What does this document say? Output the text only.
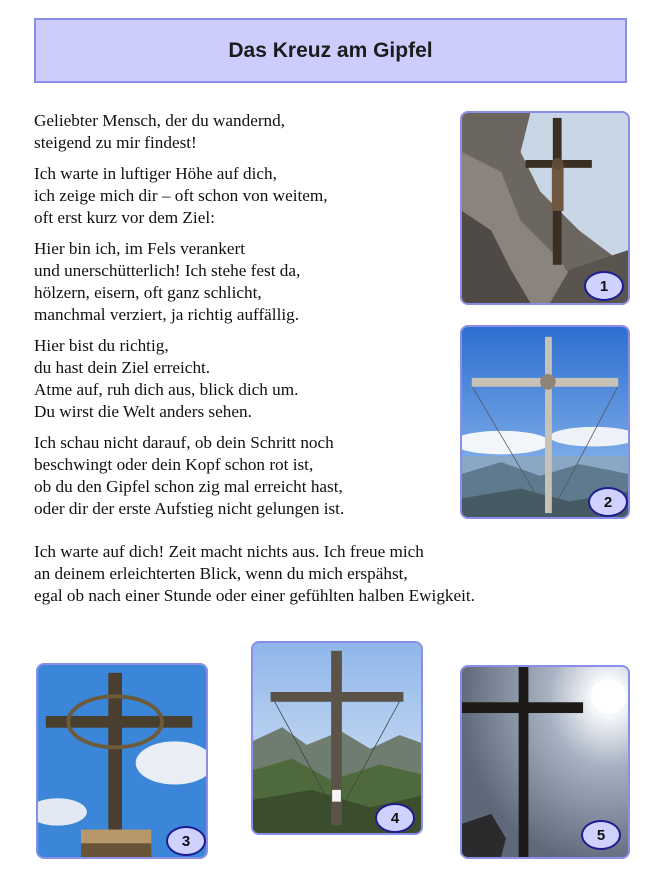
Das Kreuz am Gipfel

Geliebter Mensch, der du wandernd,
steigend zu mir findest!

Ich warte in luftiger Höhe auf dich,
ich zeige mich dir – oft schon von weitem,
oft erst kurz vor dem Ziel:

Hier bin ich, im Fels verankert
und unerschütterlich! Ich stehe fest da,
hölzern, eisern, oft ganz schlicht,
manchmal verziert, ja richtig auffällig.

Hier bist du richtig,
du hast dein Ziel erreicht.
Atme auf, ruh dich aus, blick dich um.
Du wirst die Welt anders sehen.

Ich schau nicht darauf, ob dein Schritt noch
beschwingt oder dein Kopf schon rot ist,
ob du den Gipfel schon zig mal erreicht hast,
oder dir der erste Aufstieg nicht gelungen ist.

Ich warte auf dich! Zeit macht nichts aus. Ich freue mich
an deinem erleichterten Blick, wenn du mich erspähst,
egal ob nach einer Stunde oder einer gefühlten halben Ewigkeit.

1
2
3
4
5
